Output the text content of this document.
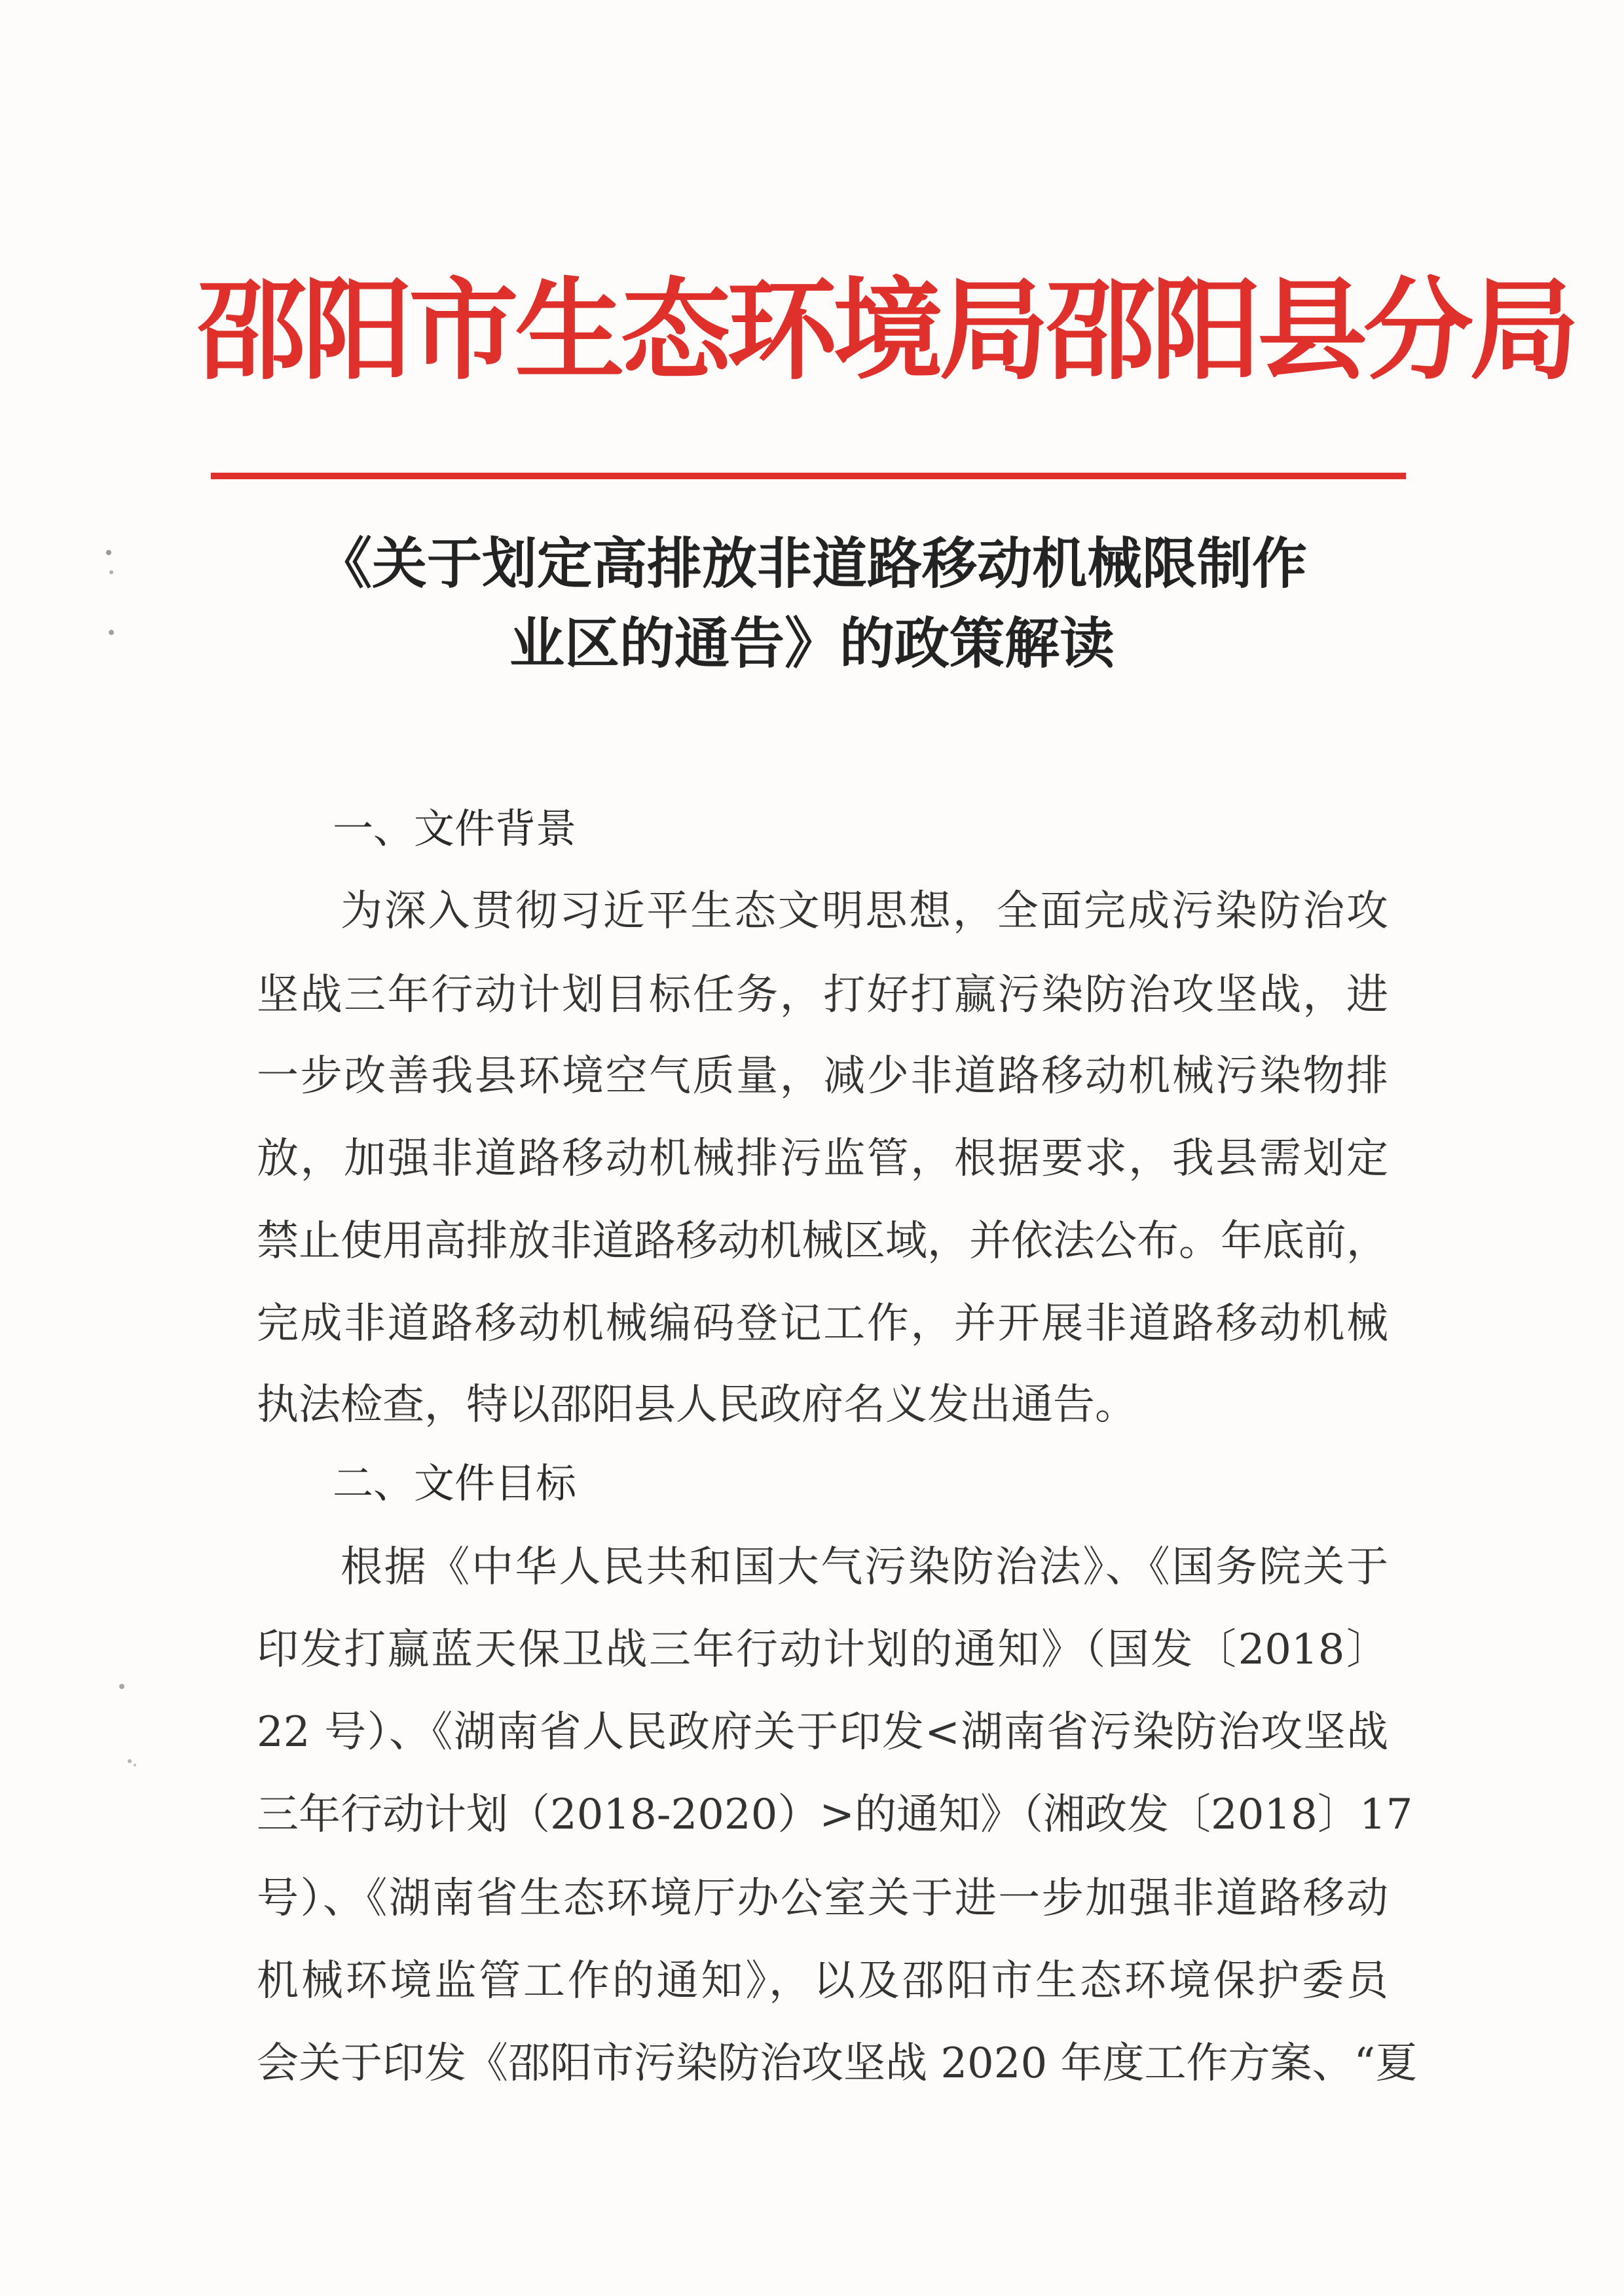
邵阳市生态环境局邵阳县分局
《关于划定高排放非道路移动机械限制作
业区的通告》的政策解读
一、文件背景
为深入贯彻习近平生态文明思想，全面完成污染防治攻
坚战三年行动计划目标任务，打好打赢污染防治攻坚战，进
一步改善我县环境空气质量，减少非道路移动机械污染物排
放，加强非道路移动机械排污监管，根据要求，我县需划定
禁止使用高排放非道路移动机械区域，并依法公布。年底前，
完成非道路移动机械编码登记工作，并开展非道路移动机械
执法检查，特以邵阳县人民政府名义发出通告。
二、文件目标
根据《中华人民共和国大气污染防治法》、《国务院关于
印发打赢蓝天保卫战三年行动计划的通知》（国发〔2018〕
22 号）、《湖南省人民政府关于印发<湖南省污染防治攻坚战
三年行动计划（2018-2020）>的通知》（湘政发〔2018〕17
号）、《湖南省生态环境厅办公室关于进一步加强非道路移动
机械环境监管工作的通知》，以及邵阳市生态环境保护委员
会关于印发《邵阳市污染防治攻坚战 2020 年度工作方案、“夏
